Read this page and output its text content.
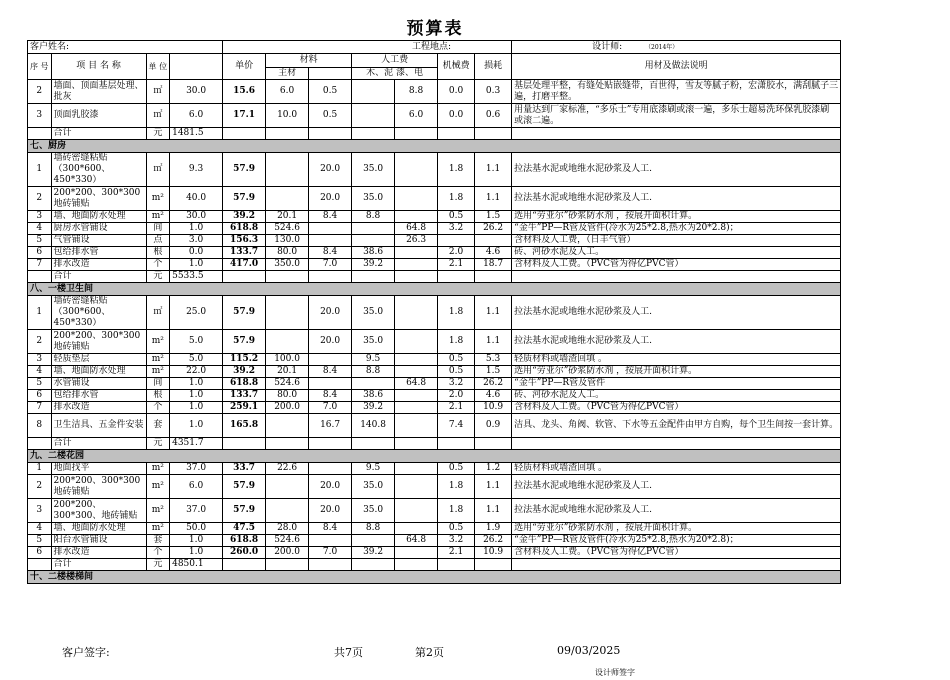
预算表
客户姓名:				工程地点:							设计师: （2014年）
序 号	项 目 名 称	单 位		单价	材料		人工费		机械费	损耗	用材及做法说明
					主材		木、泥 漆、电				
2	墙面、顶面基层处理、批灰	㎡	30.0	15.6	6.0	0.5		8.8	0.0	0.3	基层处理平整，有缝处贴嵌缝带，百世得，雪友等腻子粉，宏潇胶水，满刮腻子三遍，打磨平整。
3	顶面乳胶漆	㎡	6.0	17.1	10.0	0.5		6.0	0.0	0.6	用量达到厂家标准，“多乐士”专用底漆刷或滚一遍，多乐士超易洗环保乳胶漆刷或滚二遍。
	合计	元	1481.5								
七、厨房											
1	墙砖密缝粘贴（300*600、450*330）	㎡	9.3	57.9		20.0	35.0		1.8	1.1	拉法基水泥或地维水泥砂浆及人工.
2	200*200、300*300地砖铺贴	m²	40.0	57.9		20.0	35.0		1.8	1.1	拉法基水泥或地维水泥砂浆及人工.
3	墙、地面防水处理	m²	30.0	39.2	20.1	8.4	8.8		0.5	1.5	选用“劳亚尔”砂浆防水剂 ，按展开面积计算。
4	厨房水管铺设	间	1.0	618.8	524.6			64.8	3.2	26.2	“金牛”PP—R管及管件(冷水为25*2.8,热水为20*2.8)；
5	气管铺设	点	3.0	156.3	130.0			26.3			含材料及人工费，（日丰气管）
6	包给排水管	根	0.0	133.7	80.0	8.4	38.6		2.0	4.6	砖、河砂水泥及人工。
7	排水改造	个	1.0	417.0	350.0	7.0	39.2		2.1	18.7	含材料及人工费。（PVC管为得亿PVC管）
	合计	元	5533.5								
八、一楼卫生间											
1	墙砖密缝粘贴（300*600、450*330）	㎡	25.0	57.9		20.0	35.0		1.8	1.1	拉法基水泥或地维水泥砂浆及人工.
2	200*200、300*300地砖铺贴	m²	5.0	57.9		20.0	35.0		1.8	1.1	拉法基水泥或地维水泥砂浆及人工.
3	轻质垫层	m²	5.0	115.2	100.0		9.5		0.5	5.3	轻质材料或墙渣回填 。
4	墙、地面防水处理	m²	22.0	39.2	20.1	8.4	8.8		0.5	1.5	选用“劳亚尔”砂浆防水剂 ，按展开面积计算。
5	水管铺设	间	1.0	618.8	524.6			64.8	3.2	26.2	“金牛”PP—R管及管件
6	包给排水管	根	1.0	133.7	80.0	8.4	38.6		2.0	4.6	砖、河砂水泥及人工。
7	排水改造	个	1.0	259.1	200.0	7.0	39.2		2.1	10.9	含材料及人工费。（PVC管为得亿PVC管）
8	卫生洁具、五金件安装	套	1.0	165.8		16.7	140.8		7.4	0.9	洁具、龙头、角阀、软管、下水等五金配件由甲方自购，每个卫生间按一套计算。
	合计	元	4351.7								
九、二楼花园											
1	地面找平	m²	37.0	33.7	22.6		9.5		0.5	1.2	轻质材料或墙渣回填 。
2	200*200、300*300地砖铺贴	m²	6.0	57.9		20.0	35.0		1.8	1.1	拉法基水泥或地维水泥砂浆及人工.
3	200*200、300*300、地砖铺贴	m²	37.0	57.9		20.0	35.0		1.8	1.1	拉法基水泥或地维水泥砂浆及人工.
4	墙、地面防水处理	m²	50.0	47.5	28.0	8.4	8.8		0.5	1.9	选用“劳亚尔”砂浆防水剂 ，按展开面积计算。
5	阳台水管铺设	套	1.0	618.8	524.6			64.8	3.2	26.2	“金牛”PP—R管及管件(冷水为25*2.8,热水为20*2.8)；
6	排水改造	个	1.0	260.0	200.0	7.0	39.2		2.1	10.9	含材料及人工费。（PVC管为得亿PVC管）
	合计	元	4850.1								
十、二楼楼梯间											
客户签字:	共7页	第2页	09/03/2025
设计师签字
